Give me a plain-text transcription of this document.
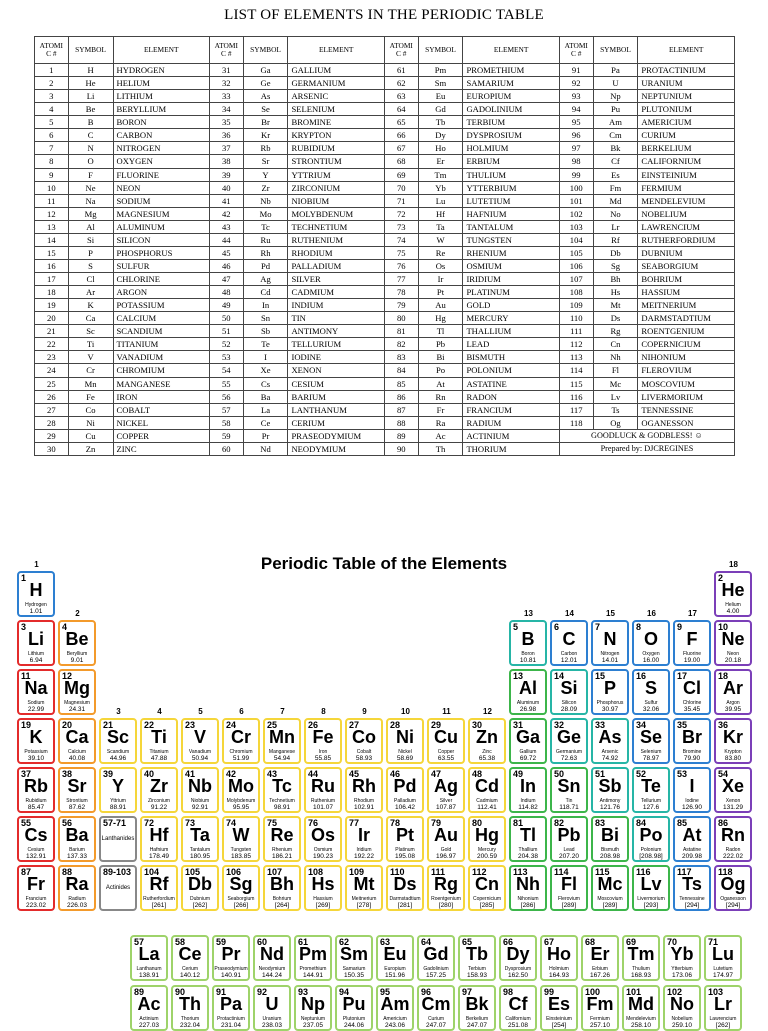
LIST OF ELEMENTS IN THE PERIODIC TABLE
ATOMI C #	SYMBOL	ELEMENT	ATOMI C #	SYMBOL	ELEMENT	ATOMI C #	SYMBOL	ELEMENT	ATOMI C #	SYMBOL	ELEMENT
1	H	HYDROGEN	31	Ga	GALLIUM	61	Pm	PROMETHIUM	91	Pa	PROTACTINIUM
2	He	HELIUM	32	Ge	GERMANIUM	62	Sm	SAMARIUM	92	U	URANIUM
3	Li	LITHIUM	33	As	ARSENIC	63	Eu	EUROPIUM	93	Np	NEPTUNIUM
4	Be	BERYLLIUM	34	Se	SELENIUM	64	Gd	GADOLINIUM	94	Pu	PLUTONIUM
5	B	BORON	35	Br	BROMINE	65	Tb	TERBIUM	95	Am	AMERICIUM
6	C	CARBON	36	Kr	KRYPTON	66	Dy	DYSPROSIUM	96	Cm	CURIUM
7	N	NITROGEN	37	Rb	RUBIDIUM	67	Ho	HOLMIUM	97	Bk	BERKELIUM
8	O	OXYGEN	38	Sr	STRONTIUM	68	Er	ERBIUM	98	Cf	CALIFORNIUM
9	F	FLUORINE	39	Y	YTTRIUM	69	Tm	THULIUM	99	Es	EINSTEINIUM
10	Ne	NEON	40	Zr	ZIRCONIUM	70	Yb	YTTERBIUM	100	Fm	FERMIUM
11	Na	SODIUM	41	Nb	NIOBIUM	71	Lu	LUTETIUM	101	Md	MENDELEVIUM
12	Mg	MAGNESIUM	42	Mo	MOLYBDENUM	72	Hf	HAFNIUM	102	No	NOBELIUM
13	Al	ALUMINUM	43	Tc	TECHNETIUM	73	Ta	TANTALUM	103	Lr	LAWRENCIUM
14	Si	SILICON	44	Ru	RUTHENIUM	74	W	TUNGSTEN	104	Rf	RUTHERFORDIUM
15	P	PHOSPHORUS	45	Rh	RHODIUM	75	Re	RHENIUM	105	Db	DUBNIUM
16	S	SULFUR	46	Pd	PALLADIUM	76	Os	OSMIUM	106	Sg	SEABORGIUM
17	Cl	CHLORINE	47	Ag	SILVER	77	Ir	IRIDIUM	107	Bh	BOHRIUM
18	Ar	ARGON	48	Cd	CADMIUM	78	Pt	PLATINUM	108	Hs	HASSIUM
19	K	POTASSIUM	49	In	INDIUM	79	Au	GOLD	109	Mt	MEITNERIUM
20	Ca	CALCIUM	50	Sn	TIN	80	Hg	MERCURY	110	Ds	DARMSTADTIUM
21	Sc	SCANDIUM	51	Sb	ANTIMONY	81	Tl	THALLIUM	111	Rg	ROENTGENIUM
22	Ti	TITANIUM	52	Te	TELLURIUM	82	Pb	LEAD	112	Cn	COPERNICIUM
23	V	VANADIUM	53	I	IODINE	83	Bi	BISMUTH	113	Nh	NIHONIUM
24	Cr	CHROMIUM	54	Xe	XENON	84	Po	POLONIUM	114	Fl	FLEROVIUM
25	Mn	MANGANESE	55	Cs	CESIUM	85	At	ASTATINE	115	Mc	MOSCOVIUM
26	Fe	IRON	56	Ba	BARIUM	86	Rn	RADON	116	Lv	LIVERMORIUM
27	Co	COBALT	57	La	LANTHANUM	87	Fr	FRANCIUM	117	Ts	TENNESSINE
28	Ni	NICKEL	58	Ce	CERIUM	88	Ra	RADIUM	118	Og	OGANESSON
29	Cu	COPPER	59	Pr	PRASEODYMIUM	89	Ac	ACTINIUM	GOODLUCK & GODBLESS! ☺		
30	Zn	ZINC	60	Nd	NEODYMIUM	90	Th	THORIUM	Prepared by: DJCREGINES		
Periodic Table of the Elements
1
2
3	4	5	6	7	8	9	10	11	12
13	14	15	16	17
18
1
H
Hydrogen
1.01
2
He
Helium
4.00
3
Li
Lithium
6.94
4
Be
Beryllium
9.01
5
B
Boron
10.81
6
C
Carbon
12.01
7
N
Nitrogen
14.01
8
O
Oxygen
16.00
9
F
Fluorine
19.00
10
Ne
Neon
20.18
11
Na
Sodium
22.99
12
Mg
Magnesium
24.31
13
Al
Aluminum
26.98
14
Si
Silicon
28.09
15
P
Phosphorus
30.97
16
S
Sulfur
32.06
17
Cl
Chlorine
35.45
18
Ar
Argon
39.95
19
K
Potassium
39.10
20
Ca
Calcium
40.08
21
Sc
Scandium
44.96
22
Ti
Titanium
47.88
23
V
Vanadium
50.94
24
Cr
Chromium
51.99
25
Mn
Manganese
54.94
26
Fe
Iron
55.85
27
Co
Cobalt
58.93
28
Ni
Nickel
58.69
29
Cu
Copper
63.55
30
Zn
Zinc
65.38
31
Ga
Gallium
69.72
32
Ge
Germanium
72.63
33
As
Arsenic
74.92
34
Se
Selenium
78.97
35
Br
Bromine
79.90
36
Kr
Krypton
83.80
37
Rb
Rubidium
85.47
38
Sr
Strontium
87.62
39
Y
Yttrium
88.91
40
Zr
Zirconium
91.22
41
Nb
Niobium
92.91
42
Mo
Molybdenum
95.95
43
Tc
Technetium
98.91
44
Ru
Ruthenium
101.07
45
Rh
Rhodium
102.91
46
Pd
Palladium
106.42
47
Ag
Silver
107.87
48
Cd
Cadmium
112.41
49
In
Indium
114.82
50
Sn
Tin
118.71
51
Sb
Antimony
121.76
52
Te
Tellurium
127.6
53
I
Iodine
126.90
54
Xe
Xenon
131.29
55
Cs
Cesium
132.91
56
Ba
Barium
137.33
72
Hf
Hafnium
178.49
73
Ta
Tantalum
180.95
74
W
Tungsten
183.85
75
Re
Rhenium
186.21
76
Os
Osmium
190.23
77
Ir
Iridium
192.22
78
Pt
Platinum
195.08
79
Au
Gold
196.97
80
Hg
Mercury
200.59
81
Tl
Thallium
204.38
82
Pb
Lead
207.20
83
Bi
Bismuth
208.98
84
Po
Polonium
[208.98]
85
At
Astatine
209.98
86
Rn
Radon
222.02
87
Fr
Francium
223.02
88
Ra
Radium
226.03
104
Rf
Rutherfordium
[261]
105
Db
Dubnium
[262]
106
Sg
Seaborgium
[266]
107
Bh
Bohrium
[264]
108
Hs
Hassium
[269]
109
Mt
Meitnerium
[278]
110
Ds
Darmstadtium
[281]
111
Rg
Roentgenium
[280]
112
Cn
Copernicium
[285]
113
Nh
Nihonium
[286]
114
Fl
Flerovium
[289]
115
Mc
Moscovium
[289]
116
Lv
Livermorium
[293]
117
Ts
Tennessine
[294]
118
Og
Oganesson
[294]
57-71
Lanthanides
89-103
Actinides
57
La
Lanthanum
138.91
58
Ce
Cerium
140.12
59
Pr
Praseodymium
140.91
60
Nd
Neodymium
144.24
61
Pm
Promethium
144.91
62
Sm
Samarium
150.35
63
Eu
Europium
151.96
64
Gd
Gadolinium
157.25
65
Tb
Terbium
158.93
66
Dy
Dysprosium
162.50
67
Ho
Holmium
164.93
68
Er
Erbium
167.26
69
Tm
Thulium
168.93
70
Yb
Ytterbium
173.06
71
Lu
Lutetium
174.97
89
Ac
Actinium
227.03
90
Th
Thorium
232.04
91
Pa
Protactinium
231.04
92
U
Uranium
238.03
93
Np
Neptunium
237.05
94
Pu
Plutonium
244.06
95
Am
Americium
243.06
96
Cm
Curium
247.07
97
Bk
Berkelium
247.07
98
Cf
Californium
251.08
99
Es
Einsteinium
[254]
100
Fm
Fermium
257.10
101
Md
Mendelevium
258.10
102
No
Nobelium
259.10
103
Lr
Lawrencium
[262]
